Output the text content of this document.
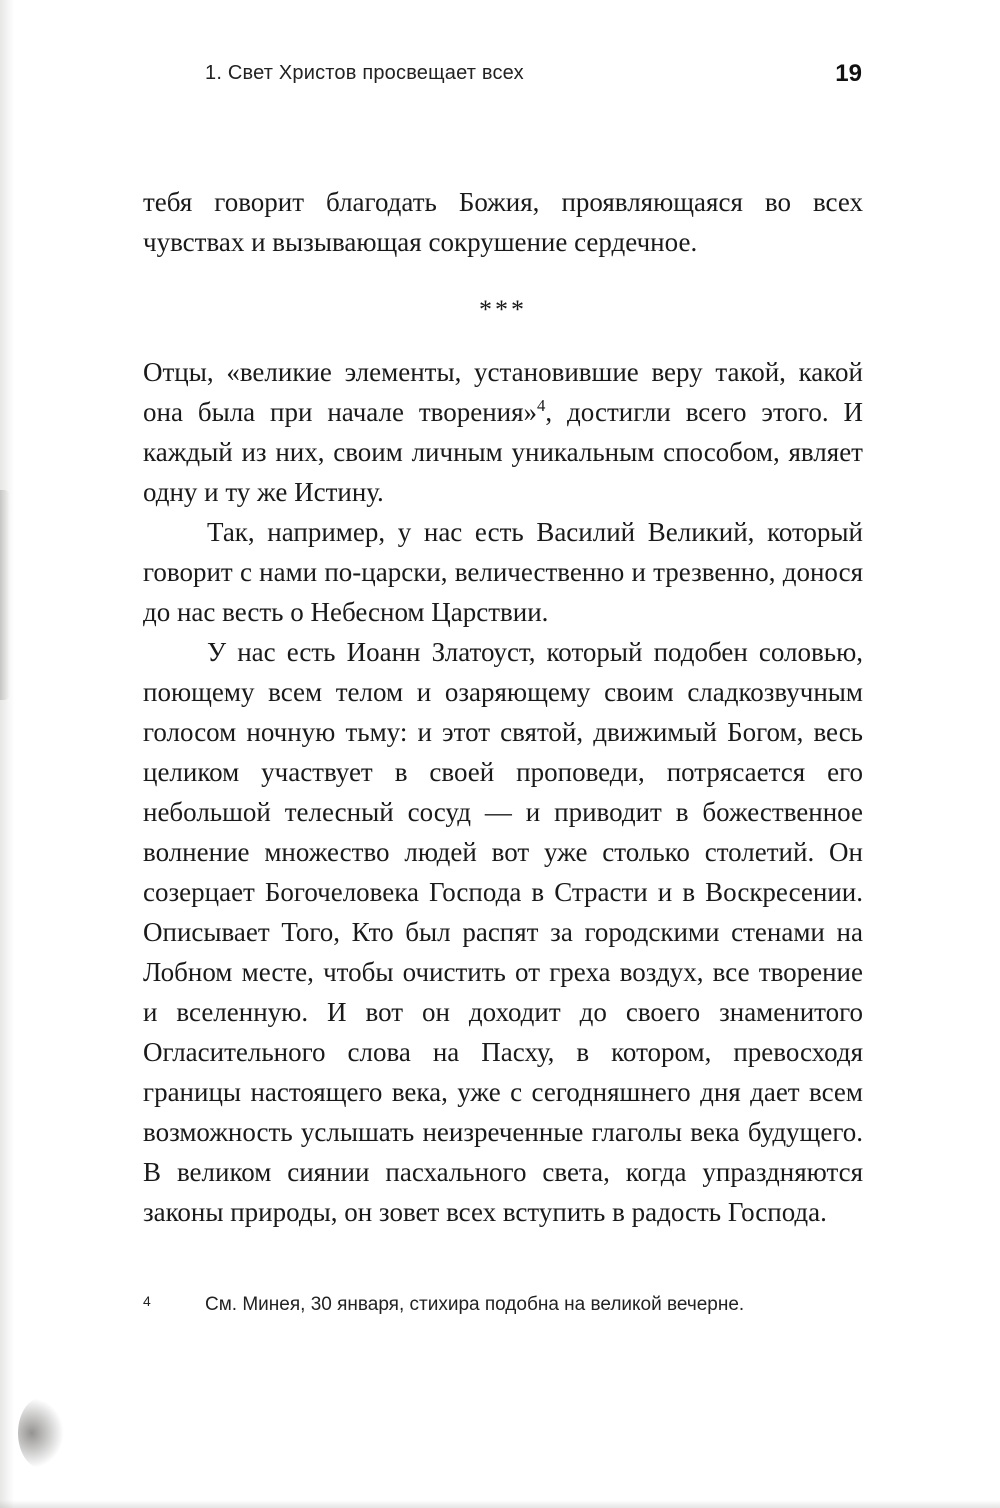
1. Свет Христов просвещает всех	19

тебя говорит благодать Божия, проявляющаяся во всех чувствах и вызывающая сокрушение сердечное.

***

Отцы, «великие элементы, установившие веру такой, какой она была при начале творения»$^4$, достигли всего этого. И каждый из них, своим личным уникальным способом, являет одну и ту же Истину.

Так, например, у нас есть Василий Великий, который говорит с нами по-царски, величественно и трезвенно, донося до нас весть о Небесном Царствии.

У нас есть Иоанн Златоуст, который подобен соловью, поющему всем телом и озаряющему своим сладкозвучным голосом ночную тьму: и этот святой, движимый Богом, весь целиком участвует в своей проповеди, потрясается его небольшой телесный сосуд — и приводит в божественное волнение множество людей вот уже столько столетий. Он созерцает Богочеловека Господа в Страсти и в Воскресении. Описывает Того, Кто был распят за городскими стенами на Лобном месте, чтобы очистить от греха воздух, все творение и вселенную. И вот он доходит до своего знаменитого Огласительного слова на Пасху, в котором, превосходя границы настоящего века, уже с сегодняшнего дня дает всем возможность услышать неизреченные глаголы века будущего. В великом сиянии пасхального света, когда упраздняются законы природы, он зовет всех вступить в радость Господа.

4	См. Минея, 30 января, стихира подобна на великой вечерне.
